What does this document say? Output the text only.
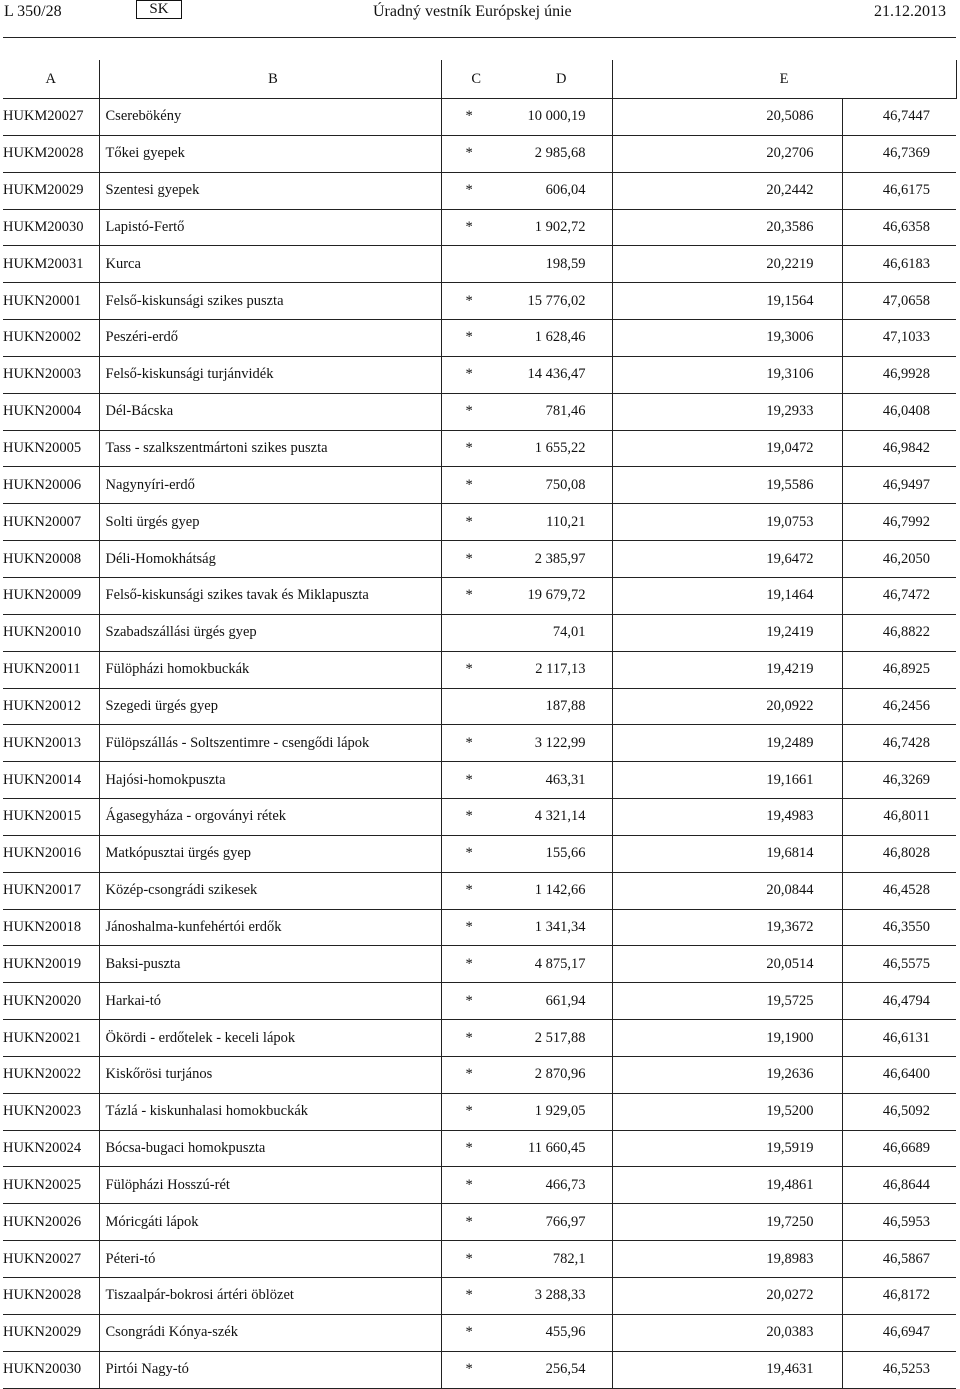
L 350/28	SK	Úradný vestník Európskej únie	21.12.2013
A	B	C	D	E	
HUKM20027	Cserebökény	*	10 000,19	20,5086	46,7447
HUKM20028	Tőkei gyepek	*	2 985,68	20,2706	46,7369
HUKM20029	Szentesi gyepek	*	606,04	20,2442	46,6175
HUKM20030	Lapistó-Fertő	*	1 902,72	20,3586	46,6358
HUKM20031	Kurca		198,59	20,2219	46,6183
HUKN20001	Felső-kiskunsági szikes puszta	*	15 776,02	19,1564	47,0658
HUKN20002	Peszéri-erdő	*	1 628,46	19,3006	47,1033
HUKN20003	Felső-kiskunsági turjánvidék	*	14 436,47	19,3106	46,9928
HUKN20004	Dél-Bácska	*	781,46	19,2933	46,0408
HUKN20005	Tass - szalkszentmártoni szikes puszta	*	1 655,22	19,0472	46,9842
HUKN20006	Nagynyíri-erdő	*	750,08	19,5586	46,9497
HUKN20007	Solti ürgés gyep	*	110,21	19,0753	46,7992
HUKN20008	Déli-Homokhátság	*	2 385,97	19,6472	46,2050
HUKN20009	Felső-kiskunsági szikes tavak és Miklapuszta	*	19 679,72	19,1464	46,7472
HUKN20010	Szabadszállási ürgés gyep		74,01	19,2419	46,8822
HUKN20011	Fülöpházi homokbuckák	*	2 117,13	19,4219	46,8925
HUKN20012	Szegedi ürgés gyep		187,88	20,0922	46,2456
HUKN20013	Fülöpszállás - Soltszentimre - csengődi lápok	*	3 122,99	19,2489	46,7428
HUKN20014	Hajósi-homokpuszta	*	463,31	19,1661	46,3269
HUKN20015	Ágasegyháza - orgoványi rétek	*	4 321,14	19,4983	46,8011
HUKN20016	Matkópusztai ürgés gyep	*	155,66	19,6814	46,8028
HUKN20017	Közép-csongrádi szikesek	*	1 142,66	20,0844	46,4528
HUKN20018	Jánoshalma-kunfehértói erdők	*	1 341,34	19,3672	46,3550
HUKN20019	Baksi-puszta	*	4 875,17	20,0514	46,5575
HUKN20020	Harkai-tó	*	661,94	19,5725	46,4794
HUKN20021	Ökördi - erdőtelek - keceli lápok	*	2 517,88	19,1900	46,6131
HUKN20022	Kiskőrösi turjános	*	2 870,96	19,2636	46,6400
HUKN20023	Tázlá - kiskunhalasi homokbuckák	*	1 929,05	19,5200	46,5092
HUKN20024	Bócsa-bugaci homokpuszta	*	11 660,45	19,5919	46,6689
HUKN20025	Fülöpházi Hosszú-rét	*	466,73	19,4861	46,8644
HUKN20026	Móricgáti lápok	*	766,97	19,7250	46,5953
HUKN20027	Péteri-tó	*	782,1	19,8983	46,5867
HUKN20028	Tiszaalpár-bokrosi ártéri öblözet	*	3 288,33	20,0272	46,8172
HUKN20029	Csongrádi Kónya-szék	*	455,96	20,0383	46,6947
HUKN20030	Pirtói Nagy-tó	*	256,54	19,4631	46,5253
